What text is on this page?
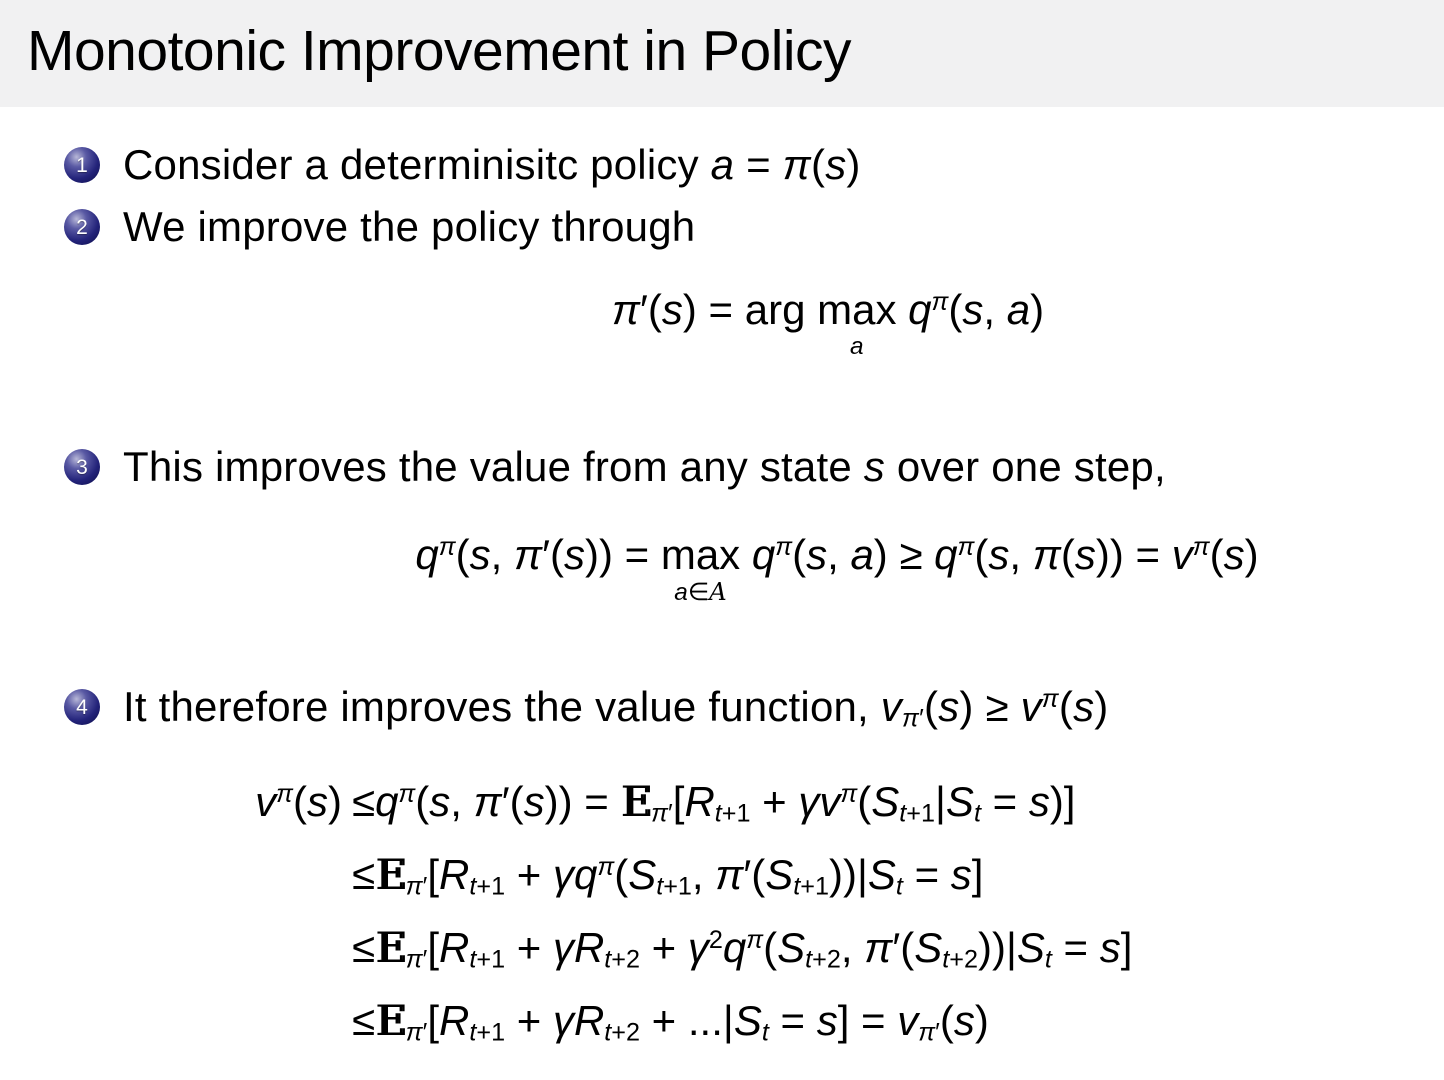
Monotonic Improvement in Policy
1 Consider a determinisitc policy a = π(s)
2 We improve the policy through
π′(s) = arg max
a
$q^\pi(s$, a)
3 This improves the value from any state s over one step,
$q^\pi(s$, π′(s)) = max
a∈A
$q^\pi(s$, $a) \ge q^\pi(s$, $\pi(s)) = v^\pi(s)$
4 It therefore improves the value function, $v_{\pi'}(s) \ge v^\pi(s)$
$v^\pi(s) \le q^\pi(s$, π′(s)) = E $E_{\pi'}[R_{t+1} + \gamma v^\pi(S_{t+1}|S_t = s)]$
≤E $E_{\pi'}[R_{t+1} + \gamma q^\pi(S_{t+1}$, $\pi'(S_{t+1}))|S_t = s$]
≤E $E_{\pi'}[R_{t+1} + \gamma R_{t+2} + \gamma^2q^\pi(S_{t+2}$, $\pi'(S_{t+2}))|S_t = s$]
≤E $E_{\pi'}[R_{t+1} + \gamma R_{t+2} + ...|S_t = s] = v_{\pi'}(s)$
